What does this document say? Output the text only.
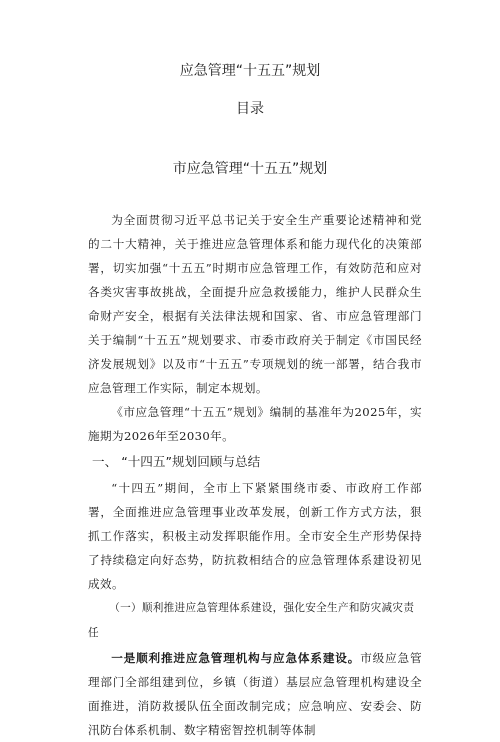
应急管理“十五五”规划
目录
市应急管理“十五五”规划

为全面贯彻习近平总书记关于安全生产重要论述精神和党的二十大精神，关于推进应急管理体系和能力现代化的决策部署，切实加强“十五五”时期市应急管理工作，有效防范和应对各类灾害事故挑战，全面提升应急救援能力，维护人民群众生命财产安全，根据有关法律法规和国家、省、市应急管理部门关于编制“十五五”规划要求、市委市政府关于制定《市国民经济发展规划》以及市“十五五”专项规划的统一部署，结合我市应急管理工作实际，制定本规划。

《市应急管理“十五五”规划》编制的基准年为2025年，实施期为2026年至2030年。

一、 “十四五”规划回顾与总结

“十四五”期间，全市上下紧紧围绕市委、市政府工作部署，全面推进应急管理事业改革发展，创新工作方式方法，狠抓工作落实，积极主动发挥职能作用。全市安全生产形势保持了持续稳定向好态势，防抗救相结合的应急管理体系建设初见成效。

（一）顺利推进应急管理体系建设，强化安全生产和防灾减灾责任

一是顺利推进应急管理机构与应急体系建设。市级应急管理部门全部组建到位，乡镇（街道）基层应急管理机构建设全面推进，消防救援队伍全面改制完成；应急响应、安委会、防汛防台体系机制、数字精密智控机制等体制
